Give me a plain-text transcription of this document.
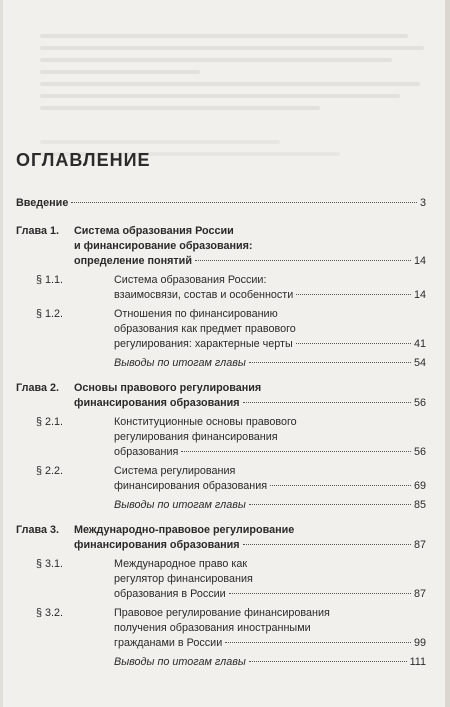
ОГЛАВЛЕНИЕ
Введение	3
Глава 1.	Система образования России
и финансирование образования:
определение понятий	14
§ 1.1.	Система образования России:
взаимосвязи, состав и особенности	14
§ 1.2.	Отношения по финансированию
образования как предмет правового
регулирования: характерные черты	41
Выводы по итогам главы	54
Глава 2.	Основы правового регулирования
финансирования образования	56
§ 2.1.	Конституционные основы правового
регулирования финансирования
образования	56
§ 2.2.	Система регулирования
финансирования образования	69
Выводы по итогам главы	85
Глава 3.	Международно-правовое регулирование
финансирования образования	87
§ 3.1.	Международное право как
регулятор финансирования
образования в России	87
§ 3.2.	Правовое регулирование финансирования
получения образования иностранными
гражданами в России	99
Выводы по итогам главы	111
